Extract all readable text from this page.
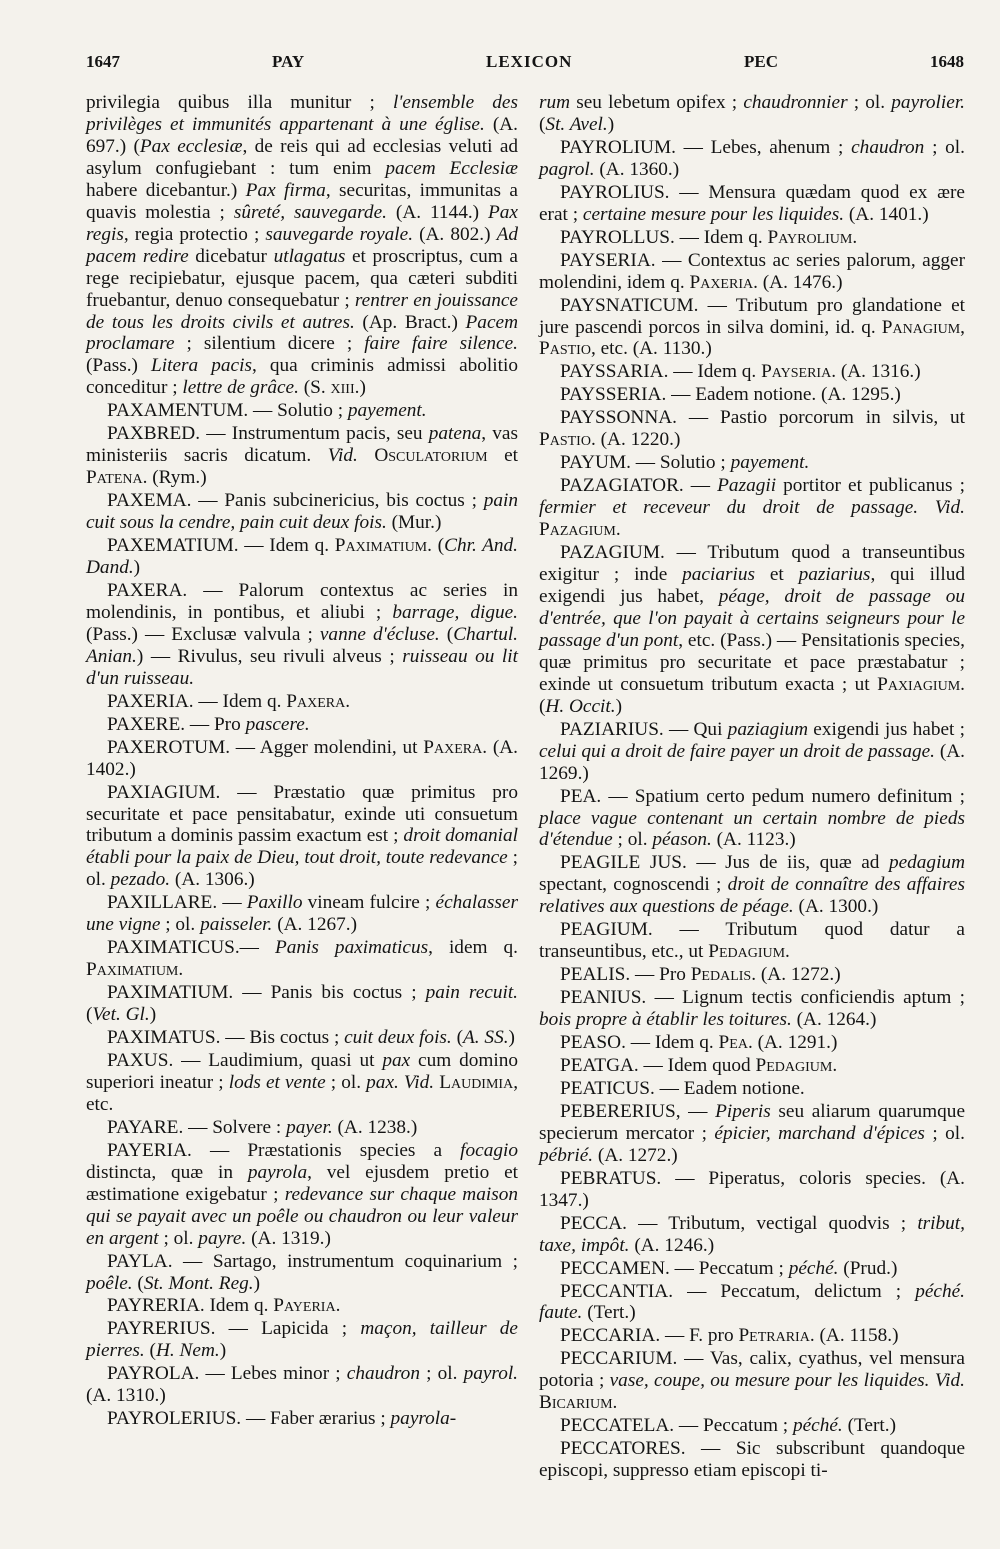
1647	PAY	LEXICON	PEC	1648

privilegia quibus illa munitur ; l'ensemble des privilèges et immunités appartenant à une église. (A. 697.) (Pax ecclesiæ, de reis qui ad ecclesias veluti ad asylum confugiebant : tum enim pacem Ecclesiæ habere dicebantur.) Pax firma, securitas, immunitas a quavis molestia ; sûreté, sauvegarde. (A. 1144.) Pax regis, regia protectio ; sauvegarde royale. (A. 802.) Ad pacem redire dicebatur utlagatus et proscriptus, cum a rege recipiebatur, ejusque pacem, qua cæteri subditi fruebantur, denuo consequebatur ; rentrer en jouissance de tous les droits civils et autres. (Ap. Bract.) Pacem proclamare ; silentium dicere ; faire faire silence. (Pass.) Litera pacis, qua criminis admissi abolitio conceditur ; lettre de grâce. (S. xiii.)

PAXAMENTUM. — Solutio ; payement.

PAXBRED. — Instrumentum pacis, seu patena, vas ministeriis sacris dicatum. Vid. Osculatorium et Patena. (Rym.)

PAXEMA. — Panis subcinericius, bis coctus ; pain cuit sous la cendre, pain cuit deux fois. (Mur.)

PAXEMATIUM. — Idem q. Paximatium. (Chr. And. Dand.)

PAXERA. — Palorum contextus ac series in molendinis, in pontibus, et aliubi ; barrage, digue. (Pass.) — Exclusæ valvula ; vanne d'écluse. (Chartul. Anian.) — Rivulus, seu rivuli alveus ; ruisseau ou lit d'un ruisseau.

PAXERIA. — Idem q. Paxera.

PAXERE. — Pro pascere.

PAXEROTUM. — Agger molendini, ut Paxera. (A. 1402.)

PAXIAGIUM. — Præstatio quæ primitus pro securitate et pace pensitabatur, exinde uti consuetum tributum a dominis passim exactum est ; droit domanial établi pour la paix de Dieu, tout droit, toute redevance ; ol. pezado. (A. 1306.)

PAXILLARE. — Paxillo vineam fulcire ; échalasser une vigne ; ol. paisseler. (A. 1267.)

PAXIMATICUS.— Panis paximaticus, idem q. Paximatium.

PAXIMATIUM. — Panis bis coctus ; pain recuit. (Vet. Gl.)

PAXIMATUS. — Bis coctus ; cuit deux fois. (A. SS.)

PAXUS. — Laudimium, quasi ut pax cum domino superiori ineatur ; lods et vente ; ol. pax. Vid. Laudimia, etc.

PAYARE. — Solvere : payer. (A. 1238.)

PAYERIA. — Præstationis species a focagio distincta, quæ in payrola, vel ejusdem pretio et æstimatione exigebatur ; redevance sur chaque maison qui se payait avec un poêle ou chaudron ou leur valeur en argent ; ol. payre. (A. 1319.)

PAYLA. — Sartago, instrumentum coquinarium ; poêle. (St. Mont. Reg.)

PAYRERIA. Idem q. Payeria.

PAYRERIUS. — Lapicida ; maçon, tailleur de pierres. (H. Nem.)

PAYROLA. — Lebes minor ; chaudron ; ol. payrol. (A. 1310.)

PAYROLERIUS. — Faber ærarius ; payrola-

rum seu lebetum opifex ; chaudronnier ; ol. payrolier. (St. Avel.)

PAYROLIUM. — Lebes, ahenum ; chaudron ; ol. pagrol. (A. 1360.)

PAYROLIUS. — Mensura quædam quod ex ære erat ; certaine mesure pour les liquides. (A. 1401.)

PAYROLLUS. — Idem q. Payrolium.

PAYSERIA. — Contextus ac series palorum, agger molendini, idem q. Paxeria. (A. 1476.)

PAYSNATICUM. — Tributum pro glandatione et jure pascendi porcos in silva domini, id. q. Panagium, Pastio, etc. (A. 1130.)

PAYSSARIA. — Idem q. Payseria. (A. 1316.)

PAYSSERIA. — Eadem notione. (A. 1295.)

PAYSSONNA. — Pastio porcorum in silvis, ut Pastio. (A. 1220.)

PAYUM. — Solutio ; payement.

PAZAGIATOR. — Pazagii portitor et publicanus ; fermier et receveur du droit de passage. Vid. Pazagium.

PAZAGIUM. — Tributum quod a transeuntibus exigitur ; inde paciarius et paziarius, qui illud exigendi jus habet, péage, droit de passage ou d'entrée, que l'on payait à certains seigneurs pour le passage d'un pont, etc. (Pass.) — Pensitationis species, quæ primitus pro securitate et pace præstabatur ; exinde ut consuetum tributum exacta ; ut Paxiagium. (H. Occit.)

PAZIARIUS. — Qui paziagium exigendi jus habet ; celui qui a droit de faire payer un droit de passage. (A. 1269.)

PEA. — Spatium certo pedum numero definitum ; place vague contenant un certain nombre de pieds d'étendue ; ol. péason. (A. 1123.)

PEAGILE JUS. — Jus de iis, quæ ad pedagium spectant, cognoscendi ; droit de connaître des affaires relatives aux questions de péage. (A. 1300.)

PEAGIUM. — Tributum quod datur a transeuntibus, etc., ut Pedagium.

PEALIS. — Pro Pedalis. (A. 1272.)

PEANIUS. — Lignum tectis conficiendis aptum ; bois propre à établir les toitures. (A. 1264.)

PEASO. — Idem q. Pea. (A. 1291.)

PEATGA. — Idem quod Pedagium.

PEATICUS. — Eadem notione.

PEBERERIUS, — Piperis seu aliarum quarumque specierum mercator ; épicier, marchand d'épices ; ol. pébrié. (A. 1272.)

PEBRATUS. — Piperatus, coloris species. (A. 1347.)

PECCA. — Tributum, vectigal quodvis ; tribut, taxe, impôt. (A. 1246.)

PECCAMEN. — Peccatum ; péché. (Prud.)

PECCANTIA. — Peccatum, delictum ; péché. faute. (Tert.)

PECCARIA. — F. pro Petraria. (A. 1158.)

PECCARIUM. — Vas, calix, cyathus, vel mensura potoria ; vase, coupe, ou mesure pour les liquides. Vid. Bicarium.

PECCATELA. — Peccatum ; péché. (Tert.)

PECCATORES. — Sic subscribunt quandoque episcopi, suppresso etiam episcopi ti-
